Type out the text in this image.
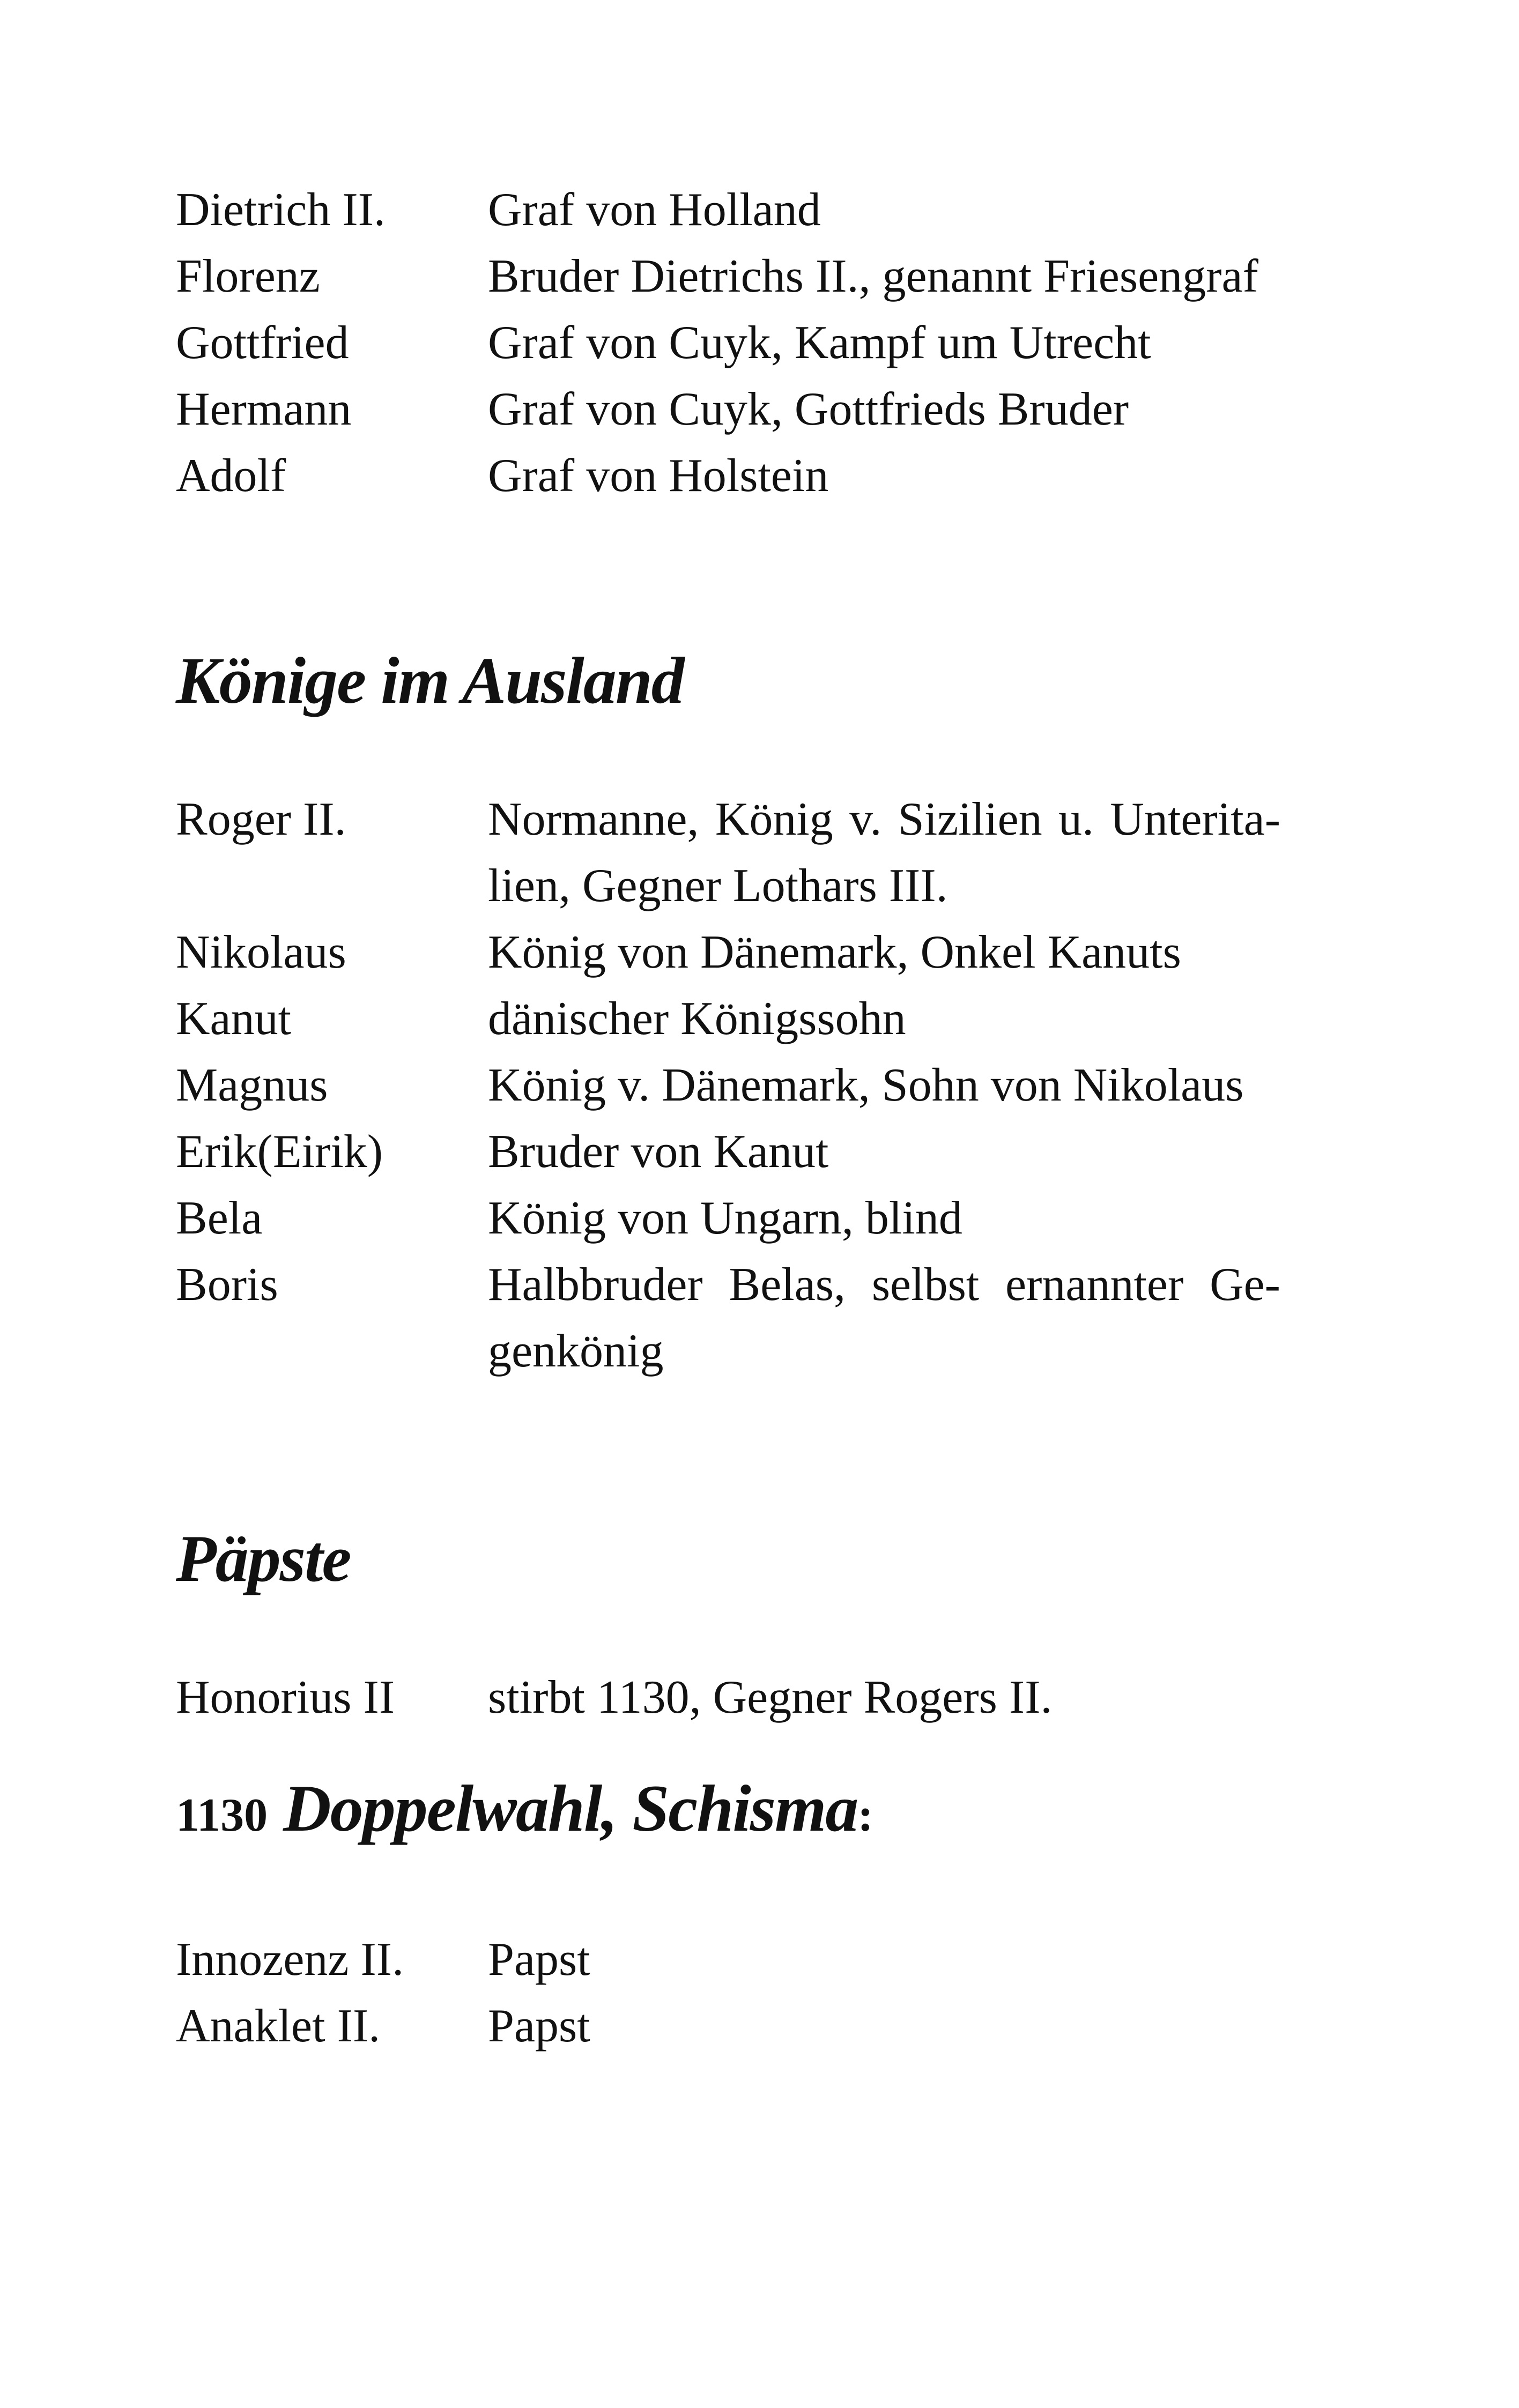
Dietrich II.	Graf von Holland
Florenz	Bruder Dietrichs II., genannt Friesengraf
Gottfried	Graf von Cuyk, Kampf um Utrecht
Hermann	Graf von Cuyk, Gottfrieds Bruder
Adolf	Graf von Holstein
Könige im Ausland
Roger II.	Normanne, König v. Sizilien u. Unterita-
lien, Gegner Lothars III.
Nikolaus	König von Dänemark, Onkel Kanuts
Kanut	dänischer Königssohn
Magnus	König v. Dänemark, Sohn von Nikolaus
Erik(Eirik)	Bruder von Kanut
Bela	König von Ungarn, blind
Boris	Halbbruder Belas, selbst ernannter Ge-
genkönig
Päpste
Honorius II	stirbt 1130, Gegner Rogers II.
1130 Doppelwahl, Schisma:
Innozenz II.	Papst
Anaklet II.	Papst
